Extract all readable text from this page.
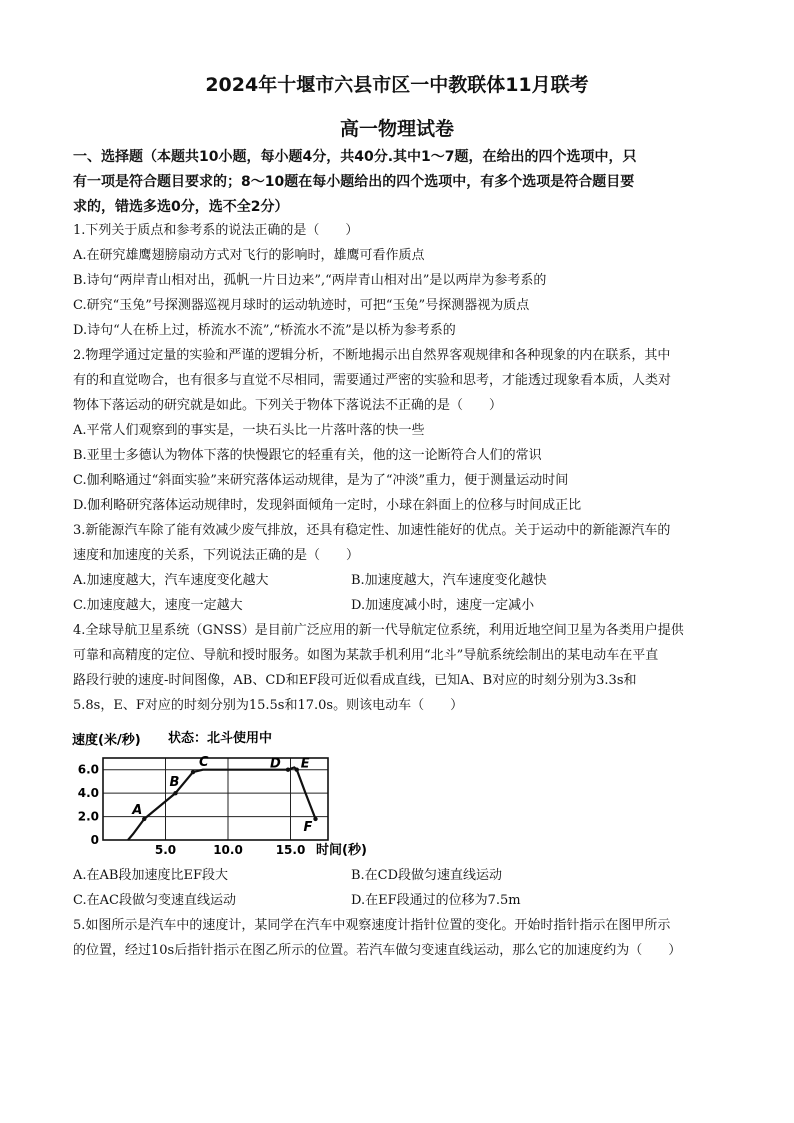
2024年十堰市六县市区一中教联体11月联考
高一物理试卷
一、选择题（本题共10小题，每小题4分，共40分.其中1～7题，在给出的四个选项中，只
有一项是符合题目要求的；8～10题在每小题给出的四个选项中，有多个选项是符合题目要
求的，错选多选0分，选不全2分）
1.下列关于质点和参考系的说法正确的是（　　）
A.在研究雄鹰翅膀扇动方式对飞行的影响时，雄鹰可看作质点
B.诗句“两岸青山相对出，孤帆一片日边来”,“两岸青山相对出”是以两岸为参考系的
C.研究“玉兔”号探测器巡视月球时的运动轨迹时，可把“玉兔”号探测器视为质点
D.诗句“人在桥上过，桥流水不流”,“桥流水不流”是以桥为参考系的
2.物理学通过定量的实验和严谨的逻辑分析，不断地揭示出自然界客观规律和各种现象的内在联系，其中
有的和直觉吻合，也有很多与直觉不尽相同，需要通过严密的实验和思考，才能透过现象看本质，人类对
物体下落运动的研究就是如此。下列关于物体下落说法不正确的是（　　）
A.平常人们观察到的事实是，一块石头比一片落叶落的快一些
B.亚里士多德认为物体下落的快慢跟它的轻重有关，他的这一论断符合人们的常识
C.伽利略通过“斜面实验”来研究落体运动规律，是为了“冲淡”重力，便于测量运动时间
D.伽利略研究落体运动规律时，发现斜面倾角一定时，小球在斜面上的位移与时间成正比
3.新能源汽车除了能有效减少废气排放，还具有稳定性、加速性能好的优点。关于运动中的新能源汽车的
速度和加速度的关系，下列说法正确的是（　　）
A.加速度越大，汽车速度变化越大	B.加速度越大，汽车速度变化越快
C.加速度越大，速度一定越大	D.加速度减小时，速度一定减小
4.全球导航卫星系统（GNSS）是目前广泛应用的新一代导航定位系统，利用近地空间卫星为各类用户提供
可靠和高精度的定位、导航和授时服务。如图为某款手机利用“北斗”导航系统绘制出的某电动车在平直
路段行驶的速度-时间图像，AB、CD和EF段可近似看成直线，已知A、B对应的时刻分别为3.3s和
5.8s，E、F对应的时刻分别为15.5s和17.0s。则该电动车（　　）
6.0
4.0
2.0
0
5.0	10.0	15.0
A
B
C	D E
F
速度(米/秒) 状态：北斗使用中
时间(秒)
A.在AB段加速度比EF段大	B.在CD段做匀速直线运动
C.在AC段做匀变速直线运动	D.在EF段通过的位移为7.5m
5.如图所示是汽车中的速度计，某同学在汽车中观察速度计指针位置的变化。开始时指针指示在图甲所示
的位置，经过10s后指针指示在图乙所示的位置。若汽车做匀变速直线运动，那么它的加速度约为（　　）
